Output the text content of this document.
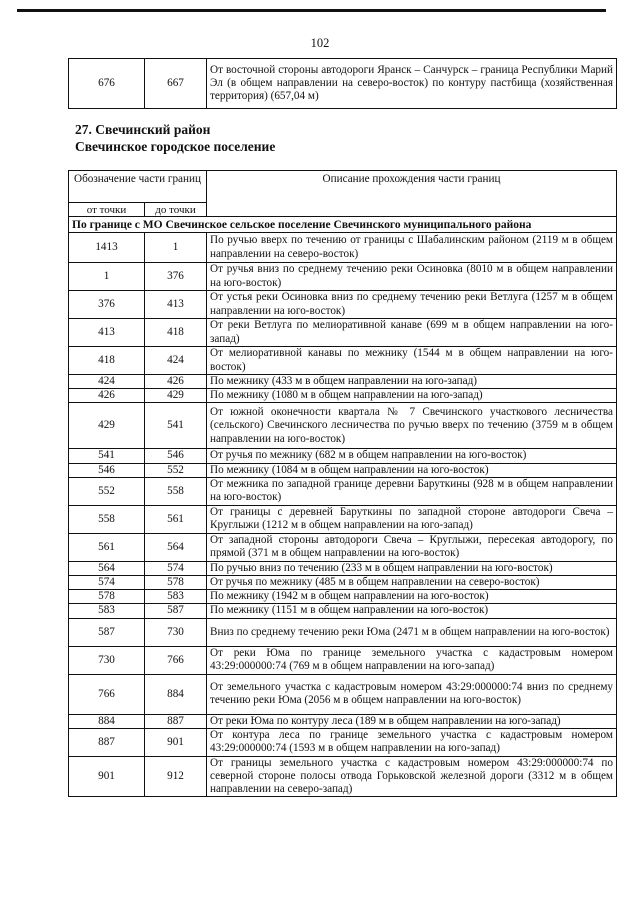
102
676	667	От восточной стороны автодороги Яранск – Санчурск – граница Республики Марий Эл (в общем направлении на северо-восток) по контуру пастбища (хозяйственная территория) (657,04 м)
27. Свечинский район
Свечинское городское поселение
Обозначение части границ		Описание прохождения части границ
от точки	до точки	
По границе с МО Свечинское сельское поселение Свечинского муниципального района		
1413	1	По ручью вверх по течению от границы с Шабалинским районом (2119 м в общем направлении на северо-восток)
1	376	От ручья вниз по среднему течению реки Осиновка (8010 м в общем направлении на юго-восток)
376	413	От устья реки Осиновка вниз по среднему течению реки Ветлуга (1257 м в общем направлении на юго-восток)
413	418	От реки Ветлуга по мелиоративной канаве (699 м в общем направлении на юго-запад)
418	424	От мелиоративной канавы по межнику (1544 м в общем направлении на юго-восток)
424	426	По межнику (433 м в общем направлении на юго-запад)
426	429	По межнику (1080 м в общем направлении на юго-запад)
429	541	От южной оконечности квартала № 7 Свечинского участкового лесничества (сельского) Свечинского лесничества по ручью вверх по течению (3759 м в общем направлении на юго-восток)
541	546	От ручья по межнику (682 м в общем направлении на юго-восток)
546	552	По межнику (1084 м в общем направлении на юго-восток)
552	558	От межника по западной границе деревни Баруткины (928 м в общем направлении на юго-восток)
558	561	От границы с деревней Баруткины по западной стороне автодороги Свеча – Круглыжи (1212 м в общем направлении на юго-запад)
561	564	От западной стороны автодороги Свеча – Круглыжи, пересекая автодорогу, по прямой (371 м в общем направлении на юго-восток)
564	574	По ручью вниз по течению (233 м в общем направлении на юго-восток)
574	578	От ручья по межнику (485 м в общем направлении на северо-восток)
578	583	По межнику (1942 м в общем направлении на юго-восток)
583	587	По межнику (1151 м в общем направлении на юго-восток)
587	730	Вниз по среднему течению реки Юма (2471 м в общем направлении на юго-восток)
730	766	От реки Юма по границе земельного участка с кадастровым номером 43:29:000000:74 (769 м в общем направлении на юго-запад)
766	884	От земельного участка с кадастровым номером 43:29:000000:74 вниз по среднему течению реки Юма (2056 м в общем направлении на юго-восток)
884	887	От реки Юма по контуру леса (189 м в общем направлении на юго-запад)
887	901	От контура леса по границе земельного участка с кадастровым номером 43:29:000000:74 (1593 м в общем направлении на юго-запад)
901	912	От границы земельного участка с кадастровым номером 43:29:000000:74 по северной стороне полосы отвода Горьковской железной дороги (3312 м в общем направлении на северо-запад)
